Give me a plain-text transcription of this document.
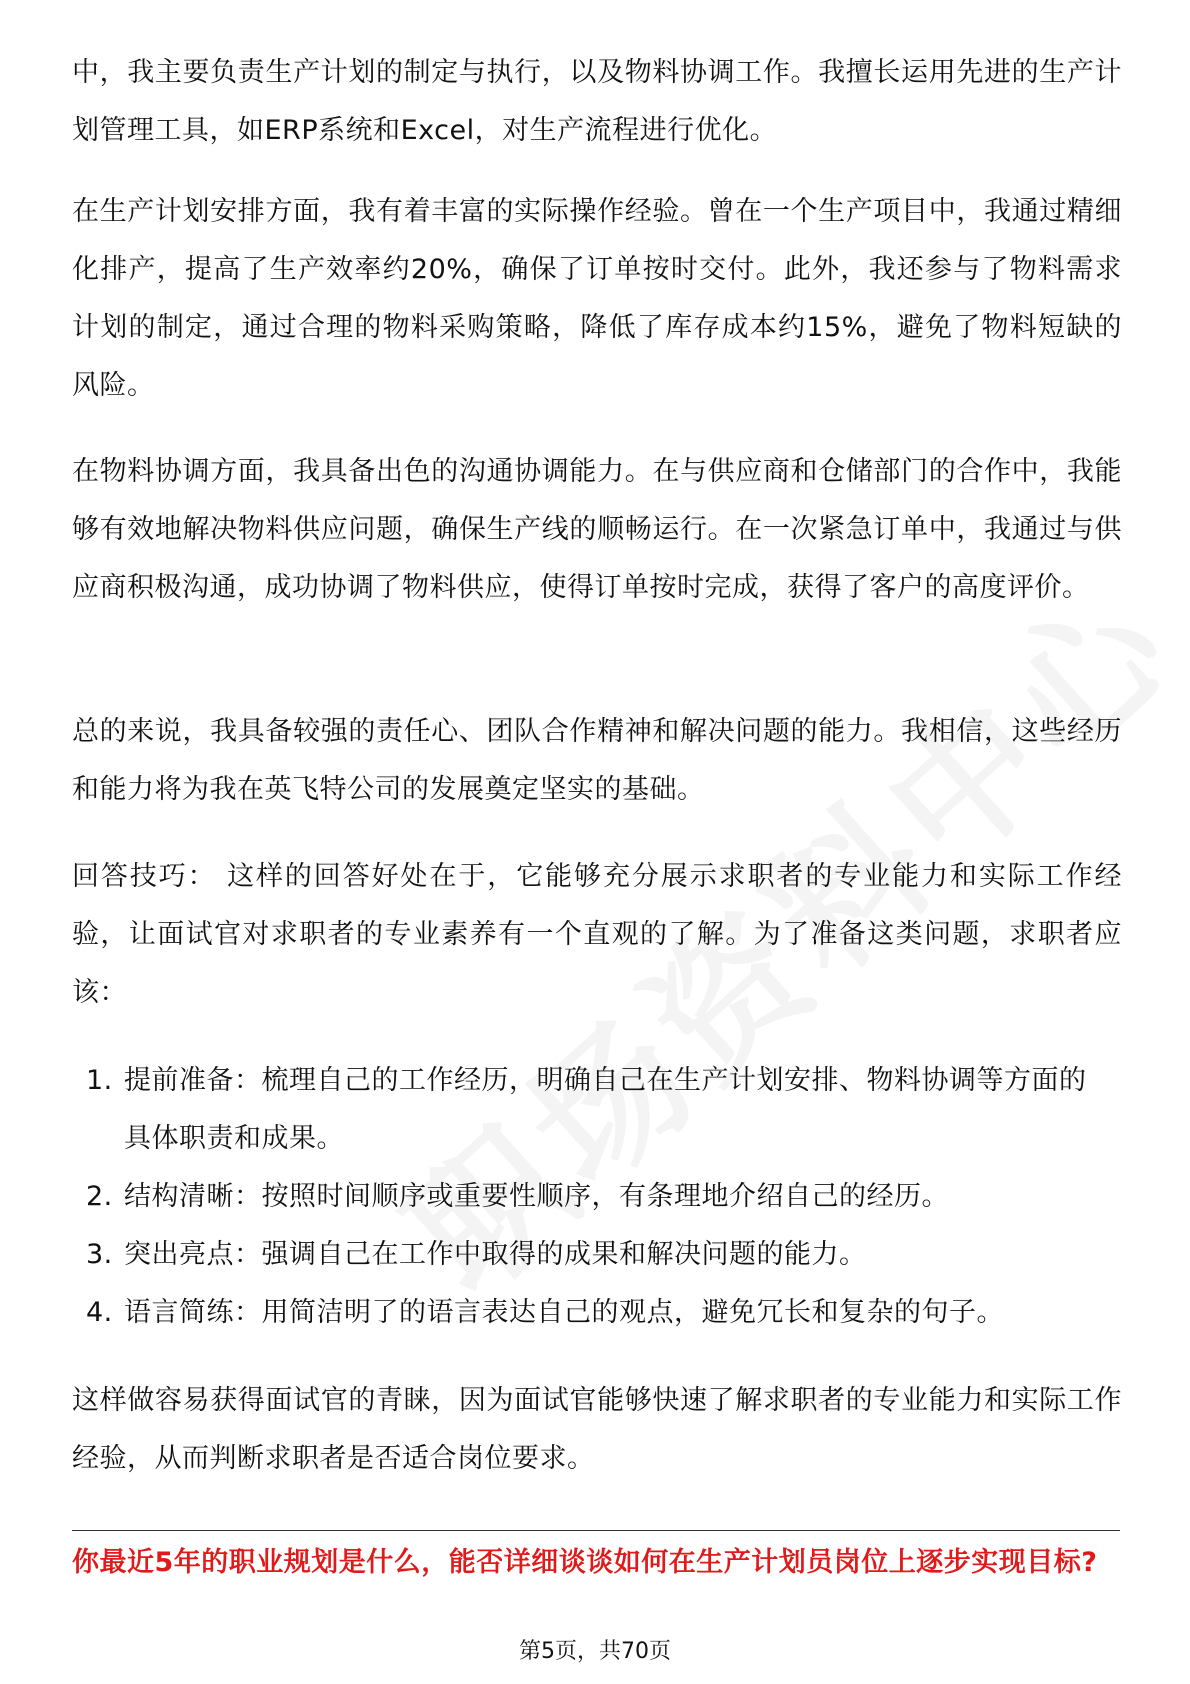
中，我主要负责生产计划的制定与执行，以及物料协调工作。我擅长运用先进的生产计划管理工具，如ERP系统和Excel，对生产流程进行优化。

在生产计划安排方面，我有着丰富的实际操作经验。曾在一个生产项目中，我通过精细化排产，提高了生产效率约20%，确保了订单按时交付。此外，我还参与了物料需求计划的制定，通过合理的物料采购策略，降低了库存成本约15%，避免了物料短缺的风险。

在物料协调方面，我具备出色的沟通协调能力。在与供应商和仓储部门的合作中，我能够有效地解决物料供应问题，确保生产线的顺畅运行。在一次紧急订单中，我通过与供应商积极沟通，成功协调了物料供应，使得订单按时完成，获得了客户的高度评价。

总的来说，我具备较强的责任心、团队合作精神和解决问题的能力。我相信，这些经历和能力将为我在英飞特公司的发展奠定坚实的基础。

回答技巧： 这样的回答好处在于，它能够充分展示求职者的专业能力和实际工作经验，让面试官对求职者的专业素养有一个直观的了解。为了准备这类问题，求职者应该：

1. 提前准备：梳理自己的工作经历，明确自己在生产计划安排、物料协调等方面的具体职责和成果。
2. 结构清晰：按照时间顺序或重要性顺序，有条理地介绍自己的经历。
3. 突出亮点：强调自己在工作中取得的成果和解决问题的能力。
4. 语言简练：用简洁明了的语言表达自己的观点，避免冗长和复杂的句子。

这样做容易获得面试官的青睐，因为面试官能够快速了解求职者的专业能力和实际工作经验，从而判断求职者是否适合岗位要求。

你最近5年的职业规划是什么，能否详细谈谈如何在生产计划员岗位上逐步实现目标?

第5页，共70页
